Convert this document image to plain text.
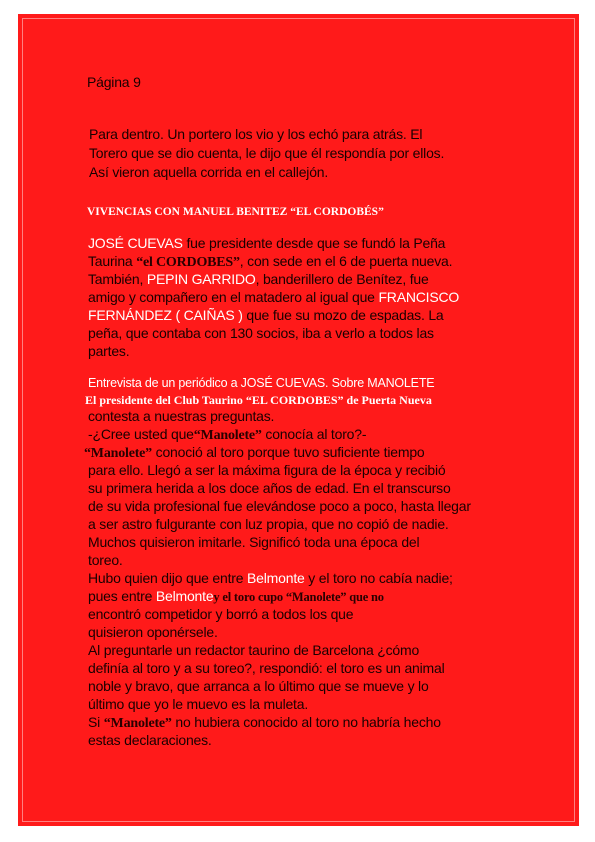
Página 9
Para dentro. Un portero los vio y los echó para atrás. El
Torero que se dio cuenta, le dijo que él respondía por ellos.
Así vieron aquella corrida en el callejón.
VIVENCIAS CON MANUEL BENITEZ “EL CORDOBÉS”
JOSÉ CUEVAS fue presidente desde que se fundó la Peña
Taurina “el CORDOBES”, con sede en el 6 de puerta nueva.
También, PEPIN GARRIDO, banderillero de Benítez, fue
amigo y compañero en el matadero al igual que FRANCISCO
FERNÁNDEZ ( CAIÑAS ) que fue su mozo de espadas. La
peña, que contaba con 130 socios, iba a verlo a todos las
partes.
Entrevista de un periódico a JOSÉ CUEVAS. Sobre MANOLETE
El presidente del Club Taurino “EL CORDOBES” de Puerta Nueva
contesta a nuestras preguntas.
-¿Cree usted que“Manolete” conocía al toro?-
“Manolete” conoció al toro porque tuvo suficiente tiempo
para ello. Llegó a ser la máxima figura de la época y recibió
su primera herida a los doce años de edad. En el transcurso
de su vida profesional fue elevándose poco a poco, hasta llegar
a ser astro fulgurante con luz propia, que no copió de nadie.
Muchos quisieron imitarle. Significó toda una época del
toreo.
Hubo quien dijo que entre Belmonte y el toro no cabía nadie;
pues entre Belmontey el toro cupo “Manolete” que no
encontró competidor y borró a todos los que
quisieron oponérsele.
Al preguntarle un redactor taurino de Barcelona ¿cómo
definía al toro y a su toreo?, respondió: el toro es un animal
noble y bravo, que arranca a lo último que se mueve y lo
último que yo le muevo es la muleta.
Si “Manolete” no hubiera conocido al toro no habría hecho
estas declaraciones.
